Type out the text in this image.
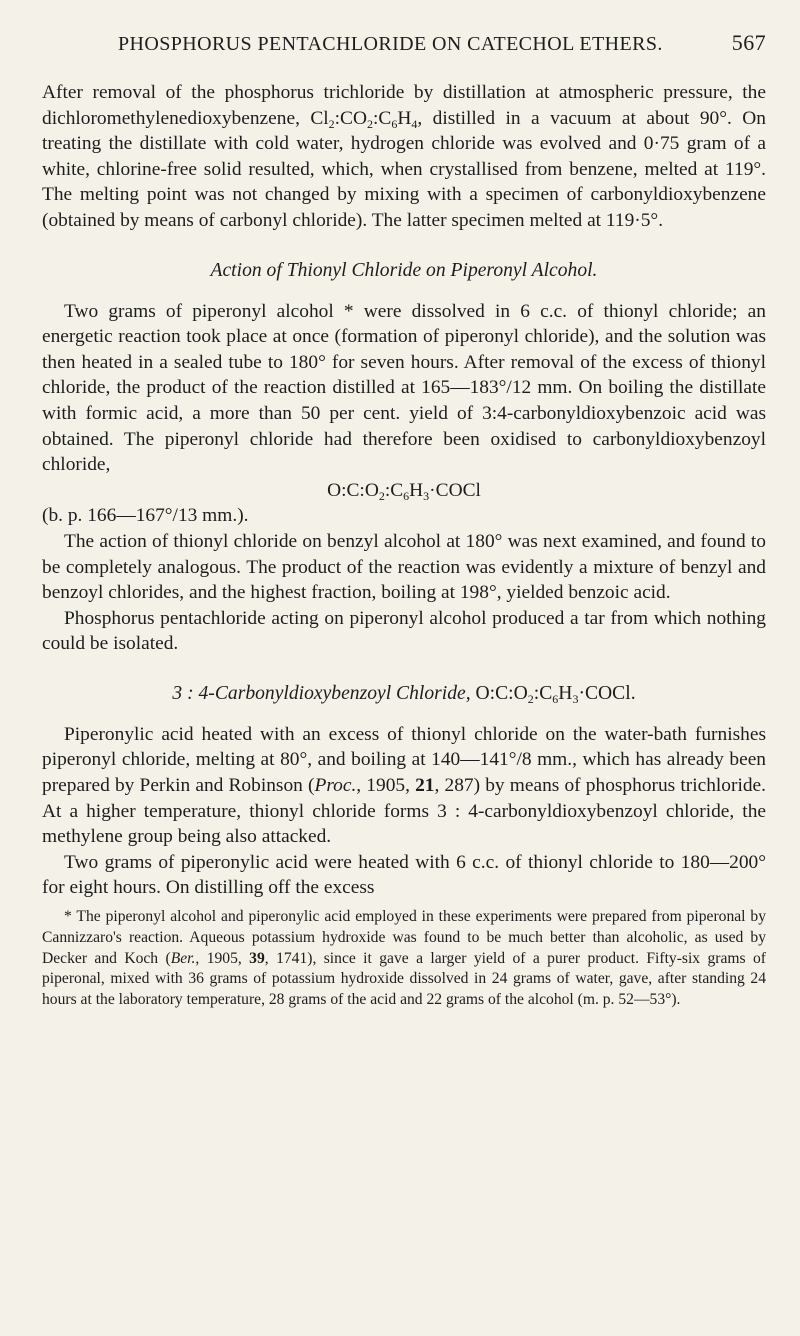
PHOSPHORUS PENTACHLORIDE ON CATECHOL ETHERS.	567

After removal of the phosphorus trichloride by distillation at atmospheric pressure, the dichloromethylenedioxybenzene, $Cl_2:CO_2:C_6H_4$, distilled in a vacuum at about 90°. On treating the distillate with cold water, hydrogen chloride was evolved and 0·75 gram of a white, chlorine-free solid resulted, which, when crystallised from benzene, melted at 119°. The melting point was not changed by mixing with a specimen of carbonyldioxybenzene (obtained by means of carbonyl chloride). The latter specimen melted at 119·5°.

Action of Thionyl Chloride on Piperonyl Alcohol.

Two grams of piperonyl alcohol * were dissolved in 6 c.c. of thionyl chloride; an energetic reaction took place at once (formation of piperonyl chloride), and the solution was then heated in a sealed tube to 180° for seven hours. After removal of the excess of thionyl chloride, the product of the reaction distilled at 165—183°/12 mm. On boiling the distillate with formic acid, a more than 50 per cent. yield of 3:4-carbonyldioxybenzoic acid was obtained. The piperonyl chloride had therefore been oxidised to carbonyldioxybenzoyl chloride,

$O:C:O_2:C_6H_3\cdot COCl$

(b. p. 166—167°/13 mm.).

The action of thionyl chloride on benzyl alcohol at 180° was next examined, and found to be completely analogous. The product of the reaction was evidently a mixture of benzyl and benzoyl chlorides, and the highest fraction, boiling at 198°, yielded benzoic acid.

Phosphorus pentachloride acting on piperonyl alcohol produced a tar from which nothing could be isolated.

3 : 4-Carbonyldioxybenzoyl Chloride, $O:C:O_2:C_6H_3\cdot COCl$.

Piperonylic acid heated with an excess of thionyl chloride on the water-bath furnishes piperonyl chloride, melting at 80°, and boiling at 140—141°/8 mm., which has already been prepared by Perkin and Robinson (Proc., 1905, 21, 287) by means of phosphorus trichloride. At a higher temperature, thionyl chloride forms 3 : 4-carbonyldioxybenzoyl chloride, the methylene group being also attacked.

Two grams of piperonylic acid were heated with 6 c.c. of thionyl chloride to 180—200° for eight hours. On distilling off the excess

* The piperonyl alcohol and piperonylic acid employed in these experiments were prepared from piperonal by Cannizzaro's reaction. Aqueous potassium hydroxide was found to be much better than alcoholic, as used by Decker and Koch (Ber., 1905, 39, 1741), since it gave a larger yield of a purer product. Fifty-six grams of piperonal, mixed with 36 grams of potassium hydroxide dissolved in 24 grams of water, gave, after standing 24 hours at the laboratory temperature, 28 grams of the acid and 22 grams of the alcohol (m. p. 52—53°).
